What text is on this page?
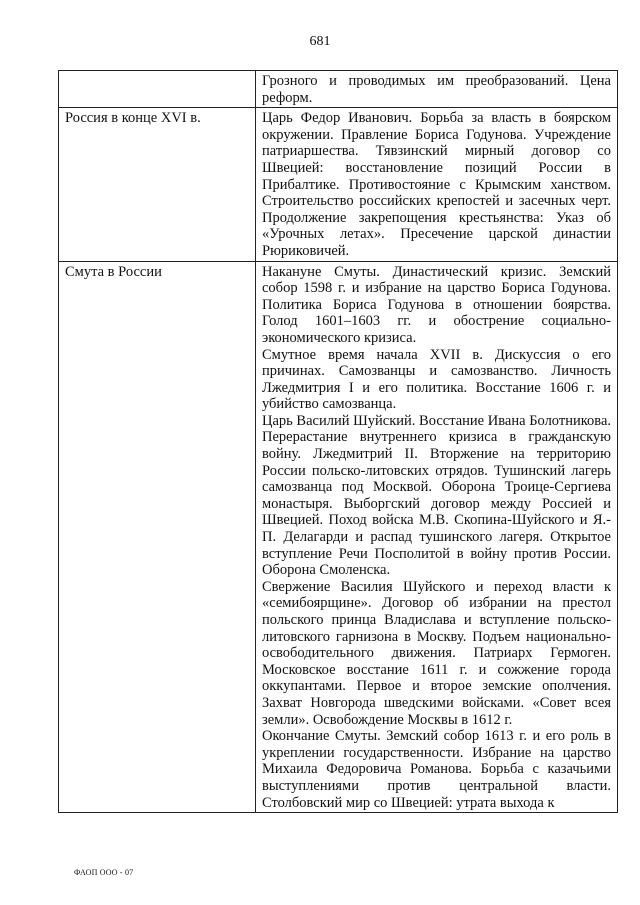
681

	Грозного и проводимых им преобразований. Цена реформ.

Россия в конце XVI в.	Царь Федор Иванович. Борьба за власть в боярском окружении. Правление Бориса Годунова. Учреждение патриаршества. Тявзинский мирный договор со Швецией: восстановление позиций России в Прибалтике. Противостояние с Крымским ханством. Строительство российских крепостей и засечных черт. Продолжение закрепощения крестьянства: Указ об «Урочных летах». Пресечение царской династии Рюриковичей.

Смута в России	Накануне Смуты. Династический кризис. Земский собор 1598 г. и избрание на царство Бориса Годунова. Политика Бориса Годунова в отношении боярства. Голод 1601–1603 гг. и обострение социально-экономического кризиса.

Смутное время начала XVII в. Дискуссия о его причинах. Самозванцы и самозванство. Личность Лжедмитрия I и его политика. Восстание 1606 г. и убийство самозванца.

Царь Василий Шуйский. Восстание Ивана Болотникова. Перерастание внутреннего кризиса в гражданскую войну. Лжедмитрий II. Вторжение на территорию России польско-литовских отрядов. Тушинский лагерь самозванца под Москвой. Оборона Троице-Сергиева монастыря. Выборгский договор между Россией и Швецией. Поход войска М.В. Скопина-Шуйского и Я.-П. Делагарди и распад тушинского лагеря. Открытое вступление Речи Посполитой в войну против России. Оборона Смоленска.

Свержение Василия Шуйского и переход власти к «семибоярщине». Договор об избрании на престол польского принца Владислава и вступление польско-литовского гарнизона в Москву. Подъем национально-освободительного движения. Патриарх Гермоген. Московское восстание 1611 г. и сожжение города оккупантами. Первое и второе земские ополчения. Захват Новгорода шведскими войсками. «Совет всея земли». Освобождение Москвы в 1612 г.

Окончание Смуты. Земский собор 1613 г. и его роль в укреплении государственности. Избрание на царство Михаила Федоровича Романова. Борьба с казачьими выступлениями против центральной власти. Столбовский мир со Швецией: утрата выхода к

ФАОП ООО - 07
